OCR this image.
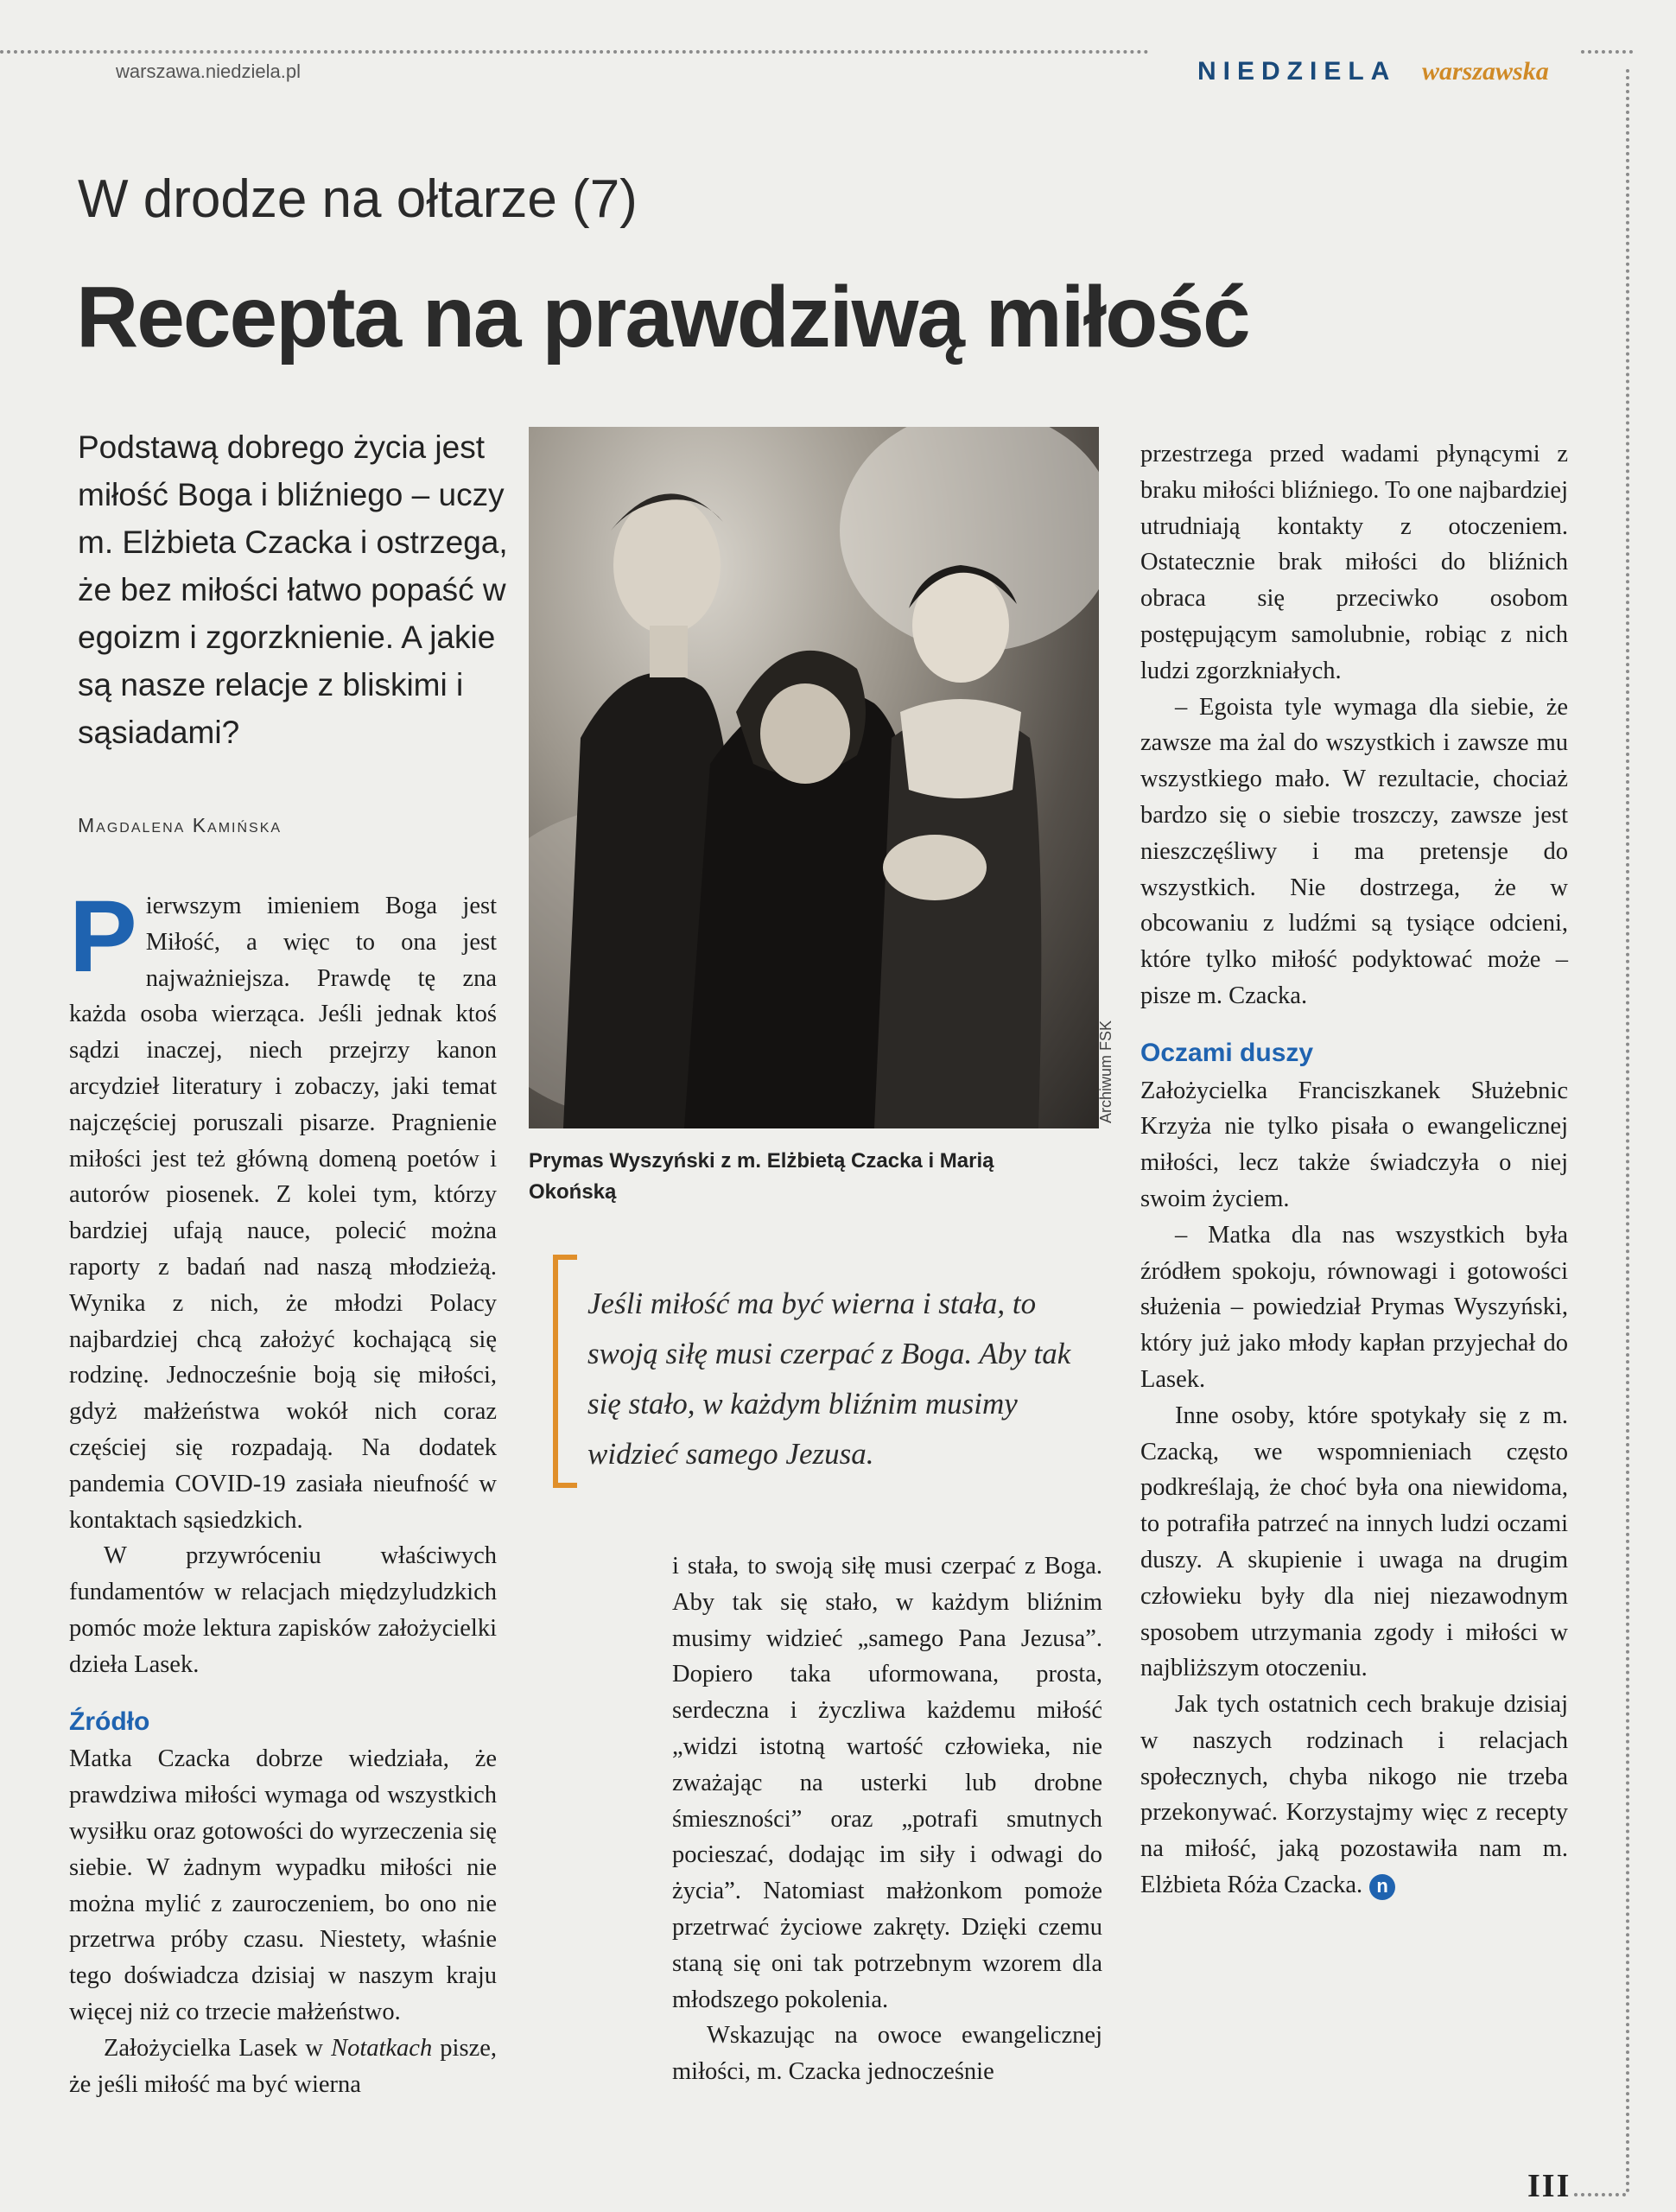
warszawa.niedziela.pl	NIEDZIELA warszawska
W drodze na ołtarze (7)
Recepta na prawdziwą miłość
Podstawą dobrego życia jest miłość Boga i bliźniego – uczy m. Elżbieta Czacka i ostrzega, że bez miłości łatwo popaść w egoizm i zgorzknienie. A jakie są nasze relacje z bliskimi i sąsiadami?
Magdalena Kamińska

Pierwszym imieniem Boga jest Miłość, a więc to ona jest najważniejsza. Prawdę tę zna każda osoba wierząca. Jeśli jednak ktoś sądzi inaczej, niech przejrzy kanon arcydzieł literatury i zobaczy, jaki temat najczęściej poruszali pisarze. Pragnienie miłości jest też główną domeną poetów i autorów piosenek. Z kolei tym, którzy bardziej ufają nauce, polecić można raporty z badań nad naszą młodzieżą. Wynika z nich, że młodzi Polacy najbardziej chcą założyć kochającą się rodzinę. Jednocześnie boją się miłości, gdyż małżeństwa wokół nich coraz częściej się rozpadają. Na dodatek pandemia COVID-19 zasiała nieufność w kontaktach sąsiedzkich.

W przywróceniu właściwych fundamentów w relacjach międzyludzkich pomóc może lektura zapisków założycielki dzieła Lasek.

Źródło

Matka Czacka dobrze wiedziała, że prawdziwa miłości wymaga od wszystkich wysiłku oraz gotowości do wyrzeczenia się siebie. W żadnym wypadku miłości nie można mylić z zauroczeniem, bo ono nie przetrwa próby czasu. Niestety, właśnie tego doświadcza dzisiaj w naszym kraju więcej niż co trzecie małżeństwo.

Założycielka Lasek w Notatkach pisze, że jeśli miłość ma być wierna

Archiwum FSK
Prymas Wyszyński z m. Elżbietą Czacka i Marią Okońską
Jeśli miłość ma być wierna i stała, to swoją siłę musi czerpać z Boga. Aby tak się stało, w każdym bliźnim musimy widzieć samego Jezusa.

i stała, to swoją siłę musi czerpać z Boga. Aby tak się stało, w każdym bliźnim musimy widzieć „samego Pana Jezusa”. Dopiero taka uformowana, prosta, serdeczna i życzliwa każdemu miłość „widzi istotną wartość człowieka, nie zważając na usterki lub drobne śmieszności” oraz „potrafi smutnych pocieszać, dodając im siły i odwagi do życia”. Natomiast małżonkom pomoże przetrwać życiowe zakręty. Dzięki czemu staną się oni tak potrzebnym wzorem dla młodszego pokolenia.

Wskazując na owoce ewangelicznej miłości, m. Czacka jednocześnie

przestrzega przed wadami płynącymi z braku miłości bliźniego. To one najbardziej utrudniają kontakty z otoczeniem. Ostatecznie brak miłości do bliźnich obraca się przeciwko osobom postępującym samolubnie, robiąc z nich ludzi zgorzkniałych.

– Egoista tyle wymaga dla siebie, że zawsze ma żal do wszystkich i zawsze mu wszystkiego mało. W rezultacie, chociaż bardzo się o siebie troszczy, zawsze jest nieszczęśliwy i ma pretensje do wszystkich. Nie dostrzega, że w obcowaniu z ludźmi są tysiące odcieni, które tylko miłość podyktować może – pisze m. Czacka.

Oczami duszy

Założycielka Franciszkanek Służebnic Krzyża nie tylko pisała o ewangelicznej miłości, lecz także świadczyła o niej swoim życiem.

– Matka dla nas wszystkich była źródłem spokoju, równowagi i gotowości służenia – powiedział Prymas Wyszyński, który już jako młody kapłan przyjechał do Lasek.

Inne osoby, które spotykały się z m. Czacką, we wspomnieniach często podkreślają, że choć była ona niewidoma, to potrafiła patrzeć na innych ludzi oczami duszy. A skupienie i uwaga na drugim człowieku były dla niej niezawodnym sposobem utrzymania zgody i miłości w najbliższym otoczeniu.

Jak tych ostatnich cech brakuje dzisiaj w naszych rodzinach i relacjach społecznych, chyba nikogo nie trzeba przekonywać. Korzystajmy więc z recepty na miłość, jaką pozostawiła nam m. Elżbieta Róża Czacka. n

III
